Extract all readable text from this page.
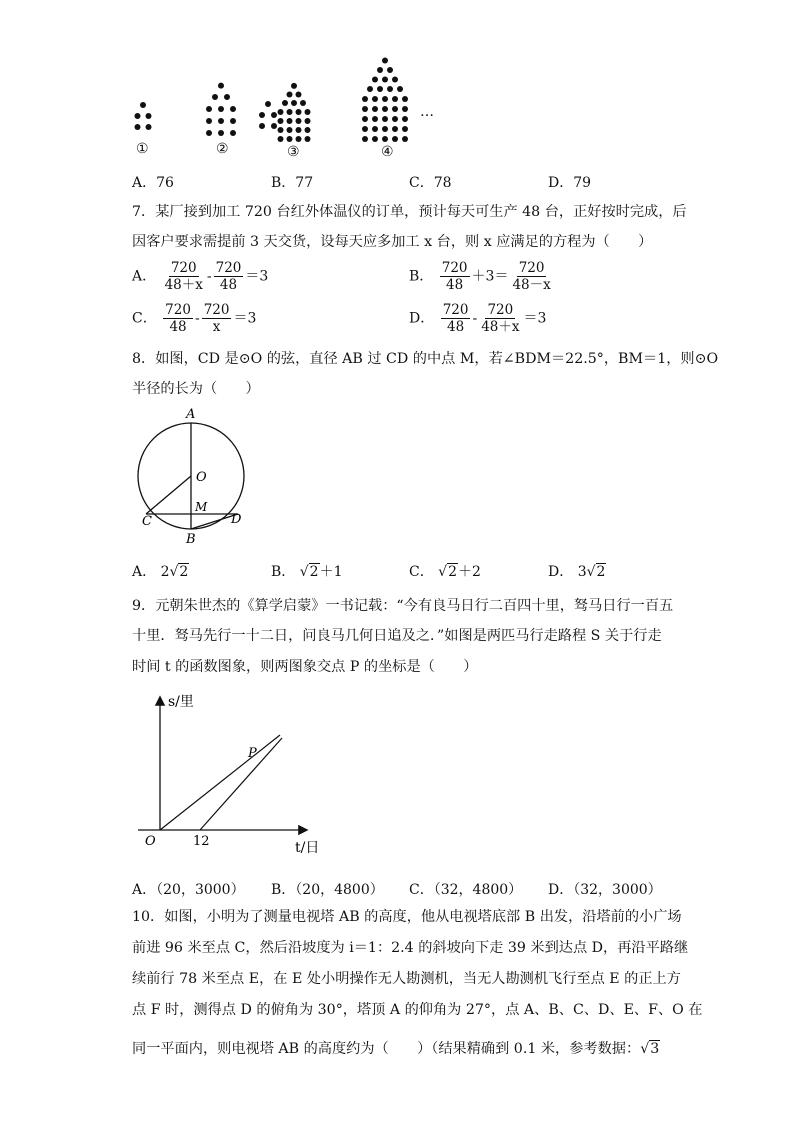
①	②	③	④
…
A．76	B．77	C．78	D．79
7．某厂接到加工 720 台红外体温仪的订单，预计每天可生产 48 台，正好按时完成，后
因客户要求需提前 3 天交货，设每天应多加工 x 台，则 x 应满足的方程为（　　）
A． $\frac{720}{48+x} - \frac{720}{48} =3$	B． $\frac{720}{48} +3= \frac{720}{48-x}$
C． $\frac{720}{48} - \frac{720}{x} =3$	D． $\frac{720}{48} - \frac{720}{48+x} =3$
8．如图，CD 是⊙O 的弦，直径 AB 过 CD 的中点 M，若∠BDM＝22.5°，BM＝1，则⊙O
半径的长为（　　）
A
O
M
C	D
B
A． 2√2	B． √2＋1	C． √2＋2	D． 3√2
9．元朝朱世杰的《算学启蒙》一书记载：“今有良马日行二百四十里，驽马日行一百五
十里．驽马先行一十二日，问良马几何日追及之．”如图是两匹马行走路程 S 关于行走
时间 t 的函数图象，则两图象交点 P 的坐标是（　　）
s/里
t/日
O	12
P
A．（20，3000） B．（20，4800） C．（32，4800） D．（32，3000）
10．如图，小明为了测量电视塔 AB 的高度，他从电视塔底部 B 出发，沿塔前的小广场
前进 96 米至点 C，然后沿坡度为 i＝1：2.4 的斜坡向下走 39 米到达点 D，再沿平路继
续前行 78 米至点 E，在 E 处小明操作无人勘测机，当无人勘测机飞行至点 E 的正上方
点 F 时，测得点 D 的俯角为 30°，塔顶 A 的仰角为 27°，点 A、B、C、D、E、F、O 在
同一平面内，则电视塔 AB 的高度约为（　　）（结果精确到 0.1 米，参考数据：√3
